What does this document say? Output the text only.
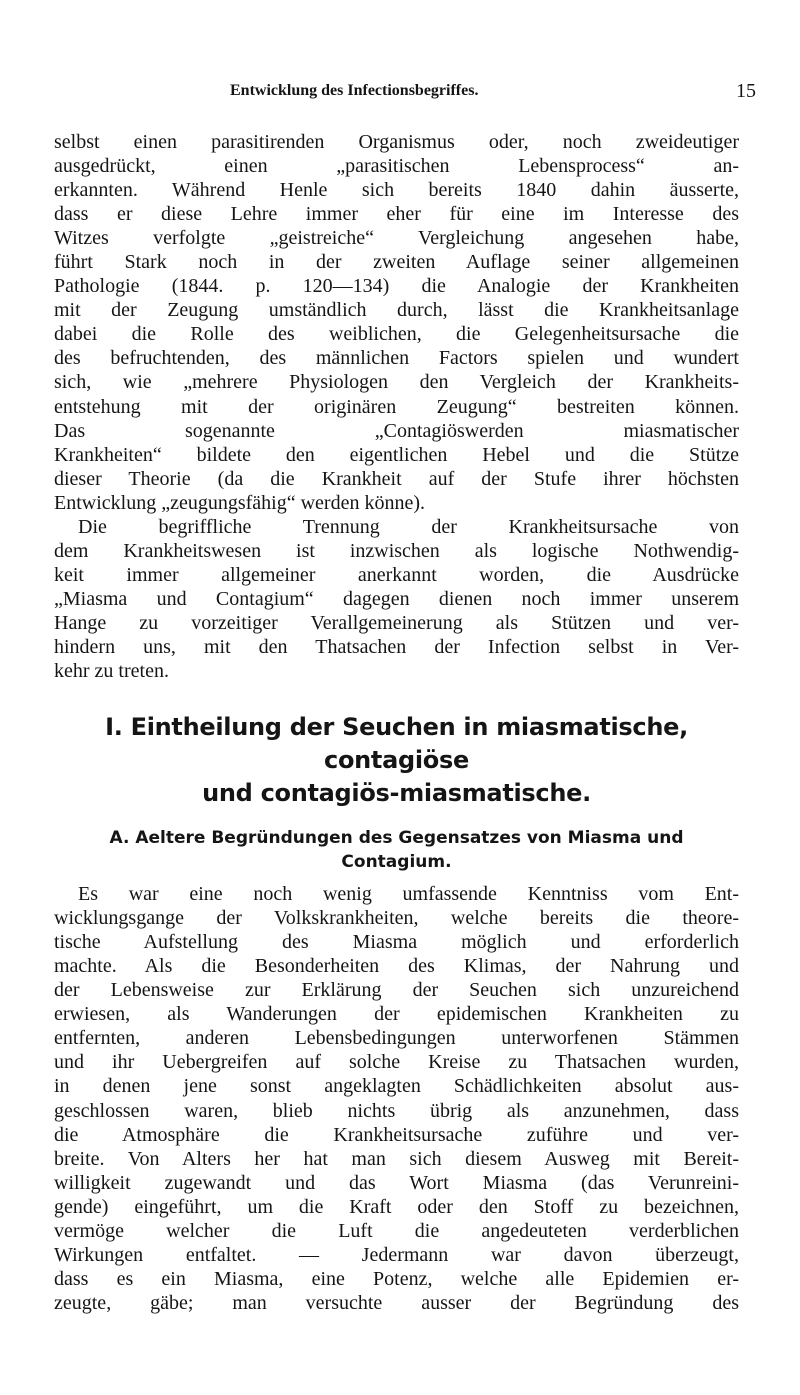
Entwicklung des Infectionsbegriffes.	15
selbst einen parasitirenden Organismus oder, noch zweideutiger
ausgedrückt, einen „parasitischen Lebensprocess“ an-
erkannten. Während Henle sich bereits 1840 dahin äusserte,
dass er diese Lehre immer eher für eine im Interesse des
Witzes verfolgte „geistreiche“ Vergleichung angesehen habe,
führt Stark noch in der zweiten Auflage seiner allgemeinen
Pathologie (1844. p. 120—134) die Analogie der Krankheiten
mit der Zeugung umständlich durch, lässt die Krankheitsanlage
dabei die Rolle des weiblichen, die Gelegenheitsursache die
des befruchtenden, des männlichen Factors spielen und wundert
sich, wie „mehrere Physiologen den Vergleich der Krankheits-
entstehung mit der originären Zeugung“ bestreiten können.
Das sogenannte „Contagiöswerden miasmatischer
Krankheiten“ bildete den eigentlichen Hebel und die Stütze
dieser Theorie (da die Krankheit auf der Stufe ihrer höchsten
Entwicklung „zeugungsfähig“ werden könne).
Die begriffliche Trennung der Krankheitsursache von
dem Krankheitswesen ist inzwischen als logische Nothwendig-
keit immer allgemeiner anerkannt worden, die Ausdrücke
„Miasma und Contagium“ dagegen dienen noch immer unserem
Hange zu vorzeitiger Verallgemeinerung als Stützen und ver-
hindern uns, mit den Thatsachen der Infection selbst in Ver-
kehr zu treten.
I. Eintheilung der Seuchen in miasmatische, contagiöse
und contagiös-miasmatische.
A. Aeltere Begründungen des Gegensatzes von Miasma und
Contagium.
Es war eine noch wenig umfassende Kenntniss vom Ent-
wicklungsgange der Volkskrankheiten, welche bereits die theore-
tische Aufstellung des Miasma möglich und erforderlich
machte. Als die Besonderheiten des Klimas, der Nahrung und
der Lebensweise zur Erklärung der Seuchen sich unzureichend
erwiesen, als Wanderungen der epidemischen Krankheiten zu
entfernten, anderen Lebensbedingungen unterworfenen Stämmen
und ihr Uebergreifen auf solche Kreise zu Thatsachen wurden,
in denen jene sonst angeklagten Schädlichkeiten absolut aus-
geschlossen waren, blieb nichts übrig als anzunehmen, dass
die Atmosphäre die Krankheitsursache zuführe und ver-
breite. Von Alters her hat man sich diesem Ausweg mit Bereit-
willigkeit zugewandt und das Wort Miasma (das Verunreini-
gende) eingeführt, um die Kraft oder den Stoff zu bezeichnen,
vermöge welcher die Luft die angedeuteten verderblichen
Wirkungen entfaltet. — Jedermann war davon überzeugt,
dass es ein Miasma, eine Potenz, welche alle Epidemien er-
zeugte, gäbe; man versuchte ausser der Begründung des
